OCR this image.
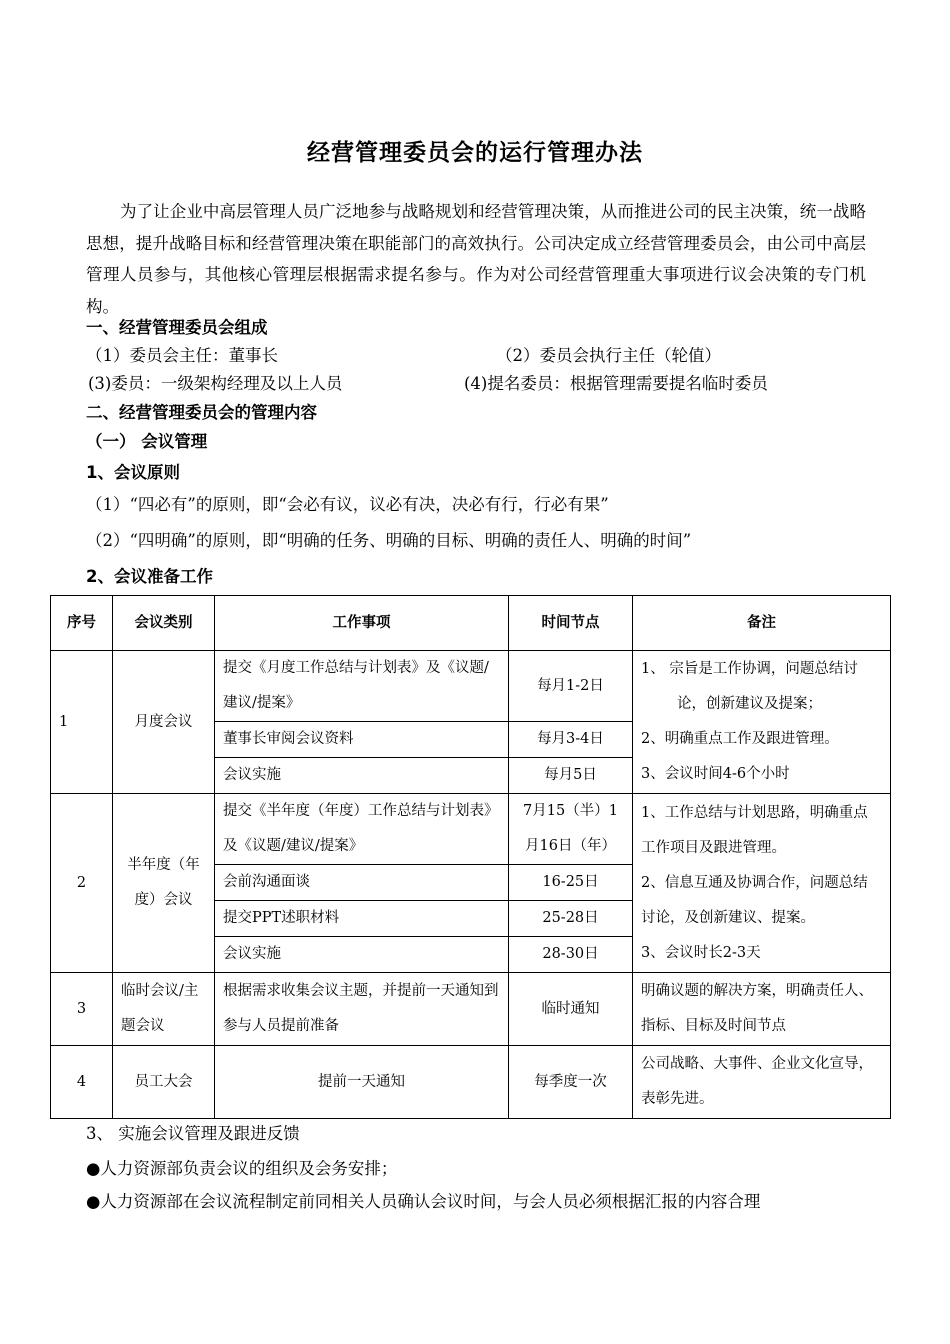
经营管理委员会的运行管理办法
为了让企业中高层管理人员广泛地参与战略规划和经营管理决策，从而推进公司的民主决策，统一战略思想，提升战略目标和经营管理决策在职能部门的高效执行。公司决定成立经营管理委员会，由公司中高层管理人员参与，其他核心管理层根据需求提名参与。作为对公司经营管理重大事项进行议会决策的专门机构。
一、经营管理委员会组成
（1）委员会主任：董事长	（2）委员会执行主任（轮值）
(3)委员：一级架构经理及以上人员	(4)提名委员：根据管理需要提名临时委员
二、经营管理委员会的管理内容
（一） 会议管理
1、会议原则
（1）“四必有”的原则，即“会必有议，议必有决，决必有行，行必有果”
（2）“四明确”的原则，即“明确的任务、明确的目标、明确的责任人、明确的时间”
2、会议准备工作
序号	会议类别	工作事项	时间节点	备注
1	月度会议	提交《月度工作总结与计划表》及《议题/建议/提案》	每月1-2日	1、 宗旨是工作协调，问题总结讨论，创新建议及提案；
2、明确重点工作及跟进管理。
3、会议时间4-6个小时

		董事长审阅会议资料	每月3-4日	
		会议实施	每月5日	
2	半年度（年度）会议	提交《半年度（年度）工作总结与计划表》及《议题/建议/提案》	7月15（半）1月16日（年）	1、工作总结与计划思路，明确重点工作项目及跟进管理。
2、信息互通及协调合作，问题总结讨论，及创新建议、提案。
3、会议时长2-3天

		会前沟通面谈	16-25日	
		提交PPT述职材料	25-28日	
		会议实施	28-30日	
3	临时会议/主题会议	根据需求收集会议主题，并提前一天通知到参与人员提前准备	临时通知	明确议题的解决方案，明确责任人、指标、目标及时间节点
4	员工大会	提前一天通知	每季度一次	公司战略、大事件、企业文化宣导，表彰先进。
3、 实施会议管理及跟进反馈
●人力资源部负责会议的组织及会务安排；
●人力资源部在会议流程制定前同相关人员确认会议时间，与会人员必须根据汇报的内容合理
